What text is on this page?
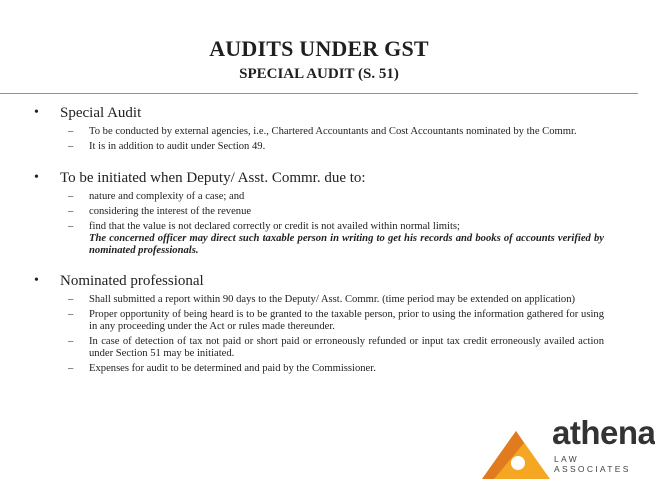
AUDITS UNDER GST
SPECIAL AUDIT (S. 51)
• Special Audit
– To be conducted by external agencies, i.e., Chartered Accountants and Cost Accountants nominated by the Commr.
– It is in addition to audit under Section 49.
• To be initiated when Deputy/ Asst. Commr. due to:
– nature and complexity of a case; and
– considering the interest of the revenue
– find that the value is not declared correctly or credit is not availed within normal limits;
The concerned officer may direct such taxable person in writing to get his records and books of accounts verified by nominated professionals.
• Nominated professional
– Shall submitted a report within 90 days to the Deputy/ Asst. Commr. (time period may be extended on application)
– Proper opportunity of being heard is to be granted to the taxable person, prior to using the information gathered for using in any proceeding under the Act or rules made thereunder.
– In case of detection of tax not paid or short paid or erroneously refunded or input tax credit erroneously availed action under Section 51 may be initiated.
– Expenses for audit to be determined and paid by the Commissioner.
athena
LAW ASSOCIATES
